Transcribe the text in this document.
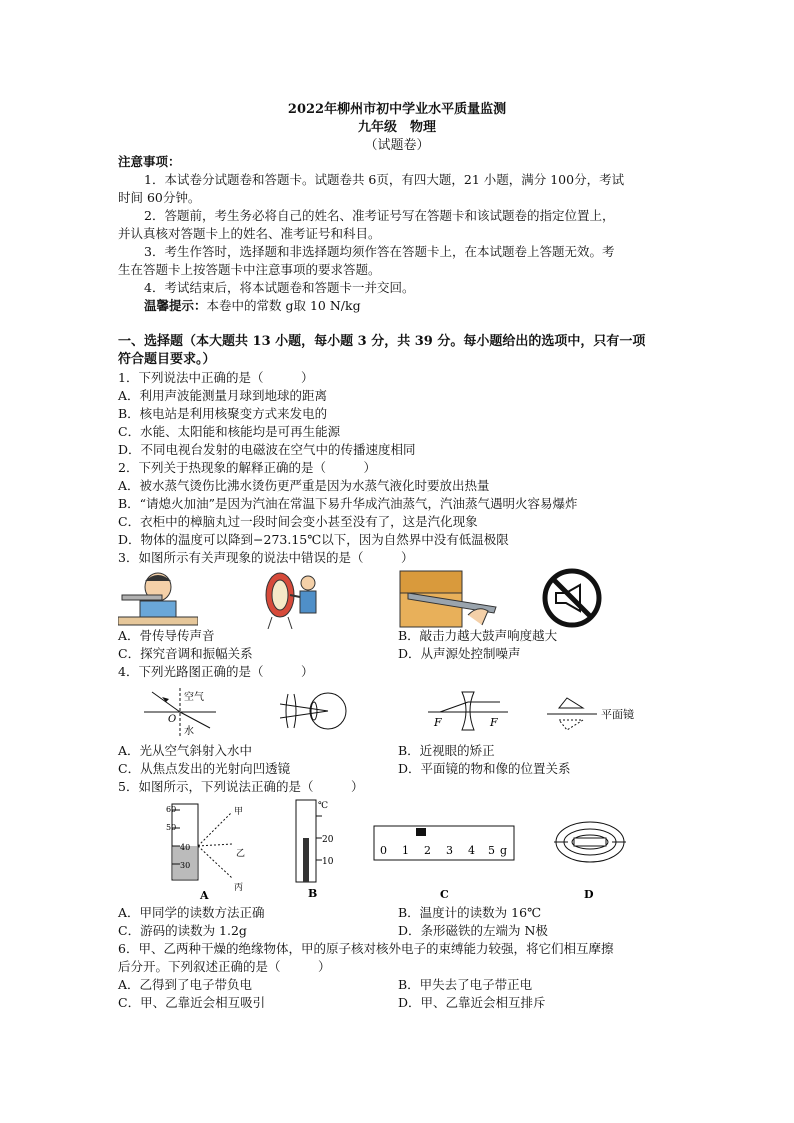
2022年柳州市初中学业水平质量监测
九年级　物理
（试题卷）
注意事项：
1．本试卷分试题卷和答题卡。试题卷共 6页，有四大题，21 小题，满分 100分，考试
时间 60分钟。
2．答题前，考生务必将自己的姓名、准考证号写在答题卡和该试题卷的指定位置上，
并认真核对答题卡上的姓名、准考证号和科目。
3．考生作答时，选择题和非选择题均须作答在答题卡上，在本试题卷上答题无效。考
生在答题卡上按答题卡中注意事项的要求答题。
4．考试结束后，将本试题卷和答题卡一并交回。
温馨提示：本卷中的常数 g取 10 N/kg
一、选择题（本大题共 13 小题，每小题 3 分，共 39 分。每小题给出的选项中，只有一项
符合题目要求。）
1．下列说法中正确的是（　　　）
A．利用声波能测量月球到地球的距离
B．核电站是利用核聚变方式来发电的
C．水能、太阳能和核能均是可再生能源
D．不同电视台发射的电磁波在空气中的传播速度相同
2．下列关于热现象的解释正确的是（　　　）
A．被水蒸气烫伤比沸水烫伤更严重是因为水蒸气液化时要放出热量
B．“请熄火加油”是因为汽油在常温下易升华成汽油蒸气，汽油蒸气遇明火容易爆炸
C．衣柜中的樟脑丸过一段时间会变小甚至没有了，这是汽化现象
D．物体的温度可以降到−273.15℃以下，因为自然界中没有低温极限
3．如图所示有关声现象的说法中错误的是（　　　）
A．骨传导传声音	B．敲击力越大鼓声响度越大
C．探究音调和振幅关系	D．从声源处控制噪声
4．下列光路图正确的是（　　　）
空气
水
O	F	F
平面镜
A．光从空气斜射入水中	B．近视眼的矫正
C．从焦点发出的光射向凹透镜	D．平面镜的物和像的位置关系
5．如图所示，下列说法正确的是（　　　）
60
50
40
30
甲
乙
丙
A
℃
20
10
B
0 1 2 3 4 5 g
C	D
A．甲同学的读数方法正确	B．温度计的读数为 16℃
C．游码的读数为 1.2g	D．条形磁铁的左端为 N极
6．甲、乙两种干燥的绝缘物体，甲的原子核对核外电子的束缚能力较强，将它们相互摩擦
后分开。下列叙述正确的是（　　　）
A．乙得到了电子带负电	B．甲失去了电子带正电
C．甲、乙靠近会相互吸引	D．甲、乙靠近会相互排斥
